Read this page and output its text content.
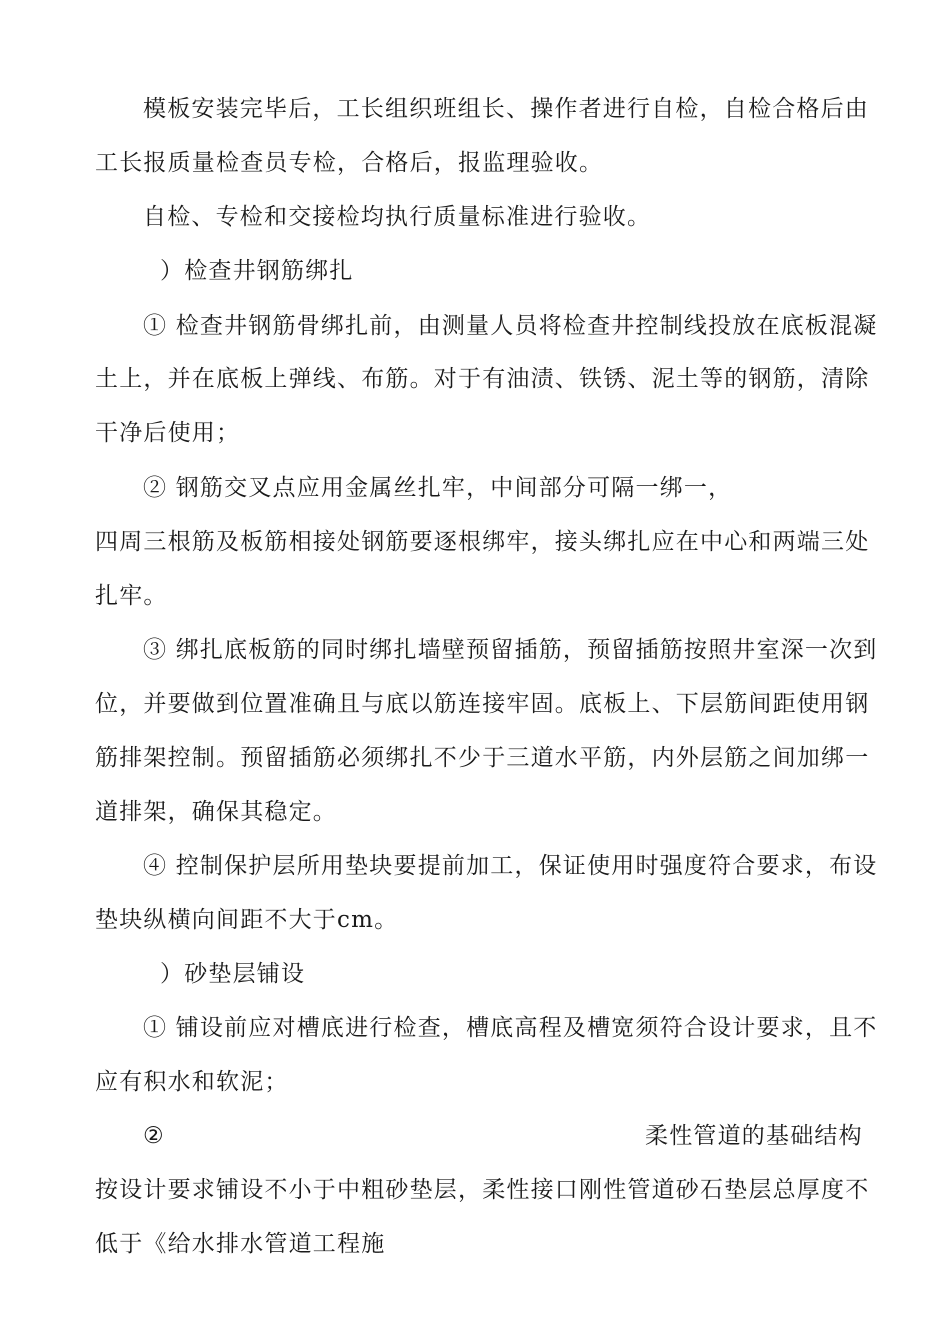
模板安装完毕后，工长组织班组长、操作者进行自检，自检合格后由
工长报质量检查员专检，合格后，报监理验收。
自检、专检和交接检均执行质量标准进行验收。
）检查井钢筋绑扎
① 检查井钢筋骨绑扎前，由测量人员将检查井控制线投放在底板混凝
土上，并在底板上弹线、布筋。对于有油渍、铁锈、泥土等的钢筋，清除
干净后使用；
② 钢筋交叉点应用金属丝扎牢，中间部分可隔一绑一，
四周三根筋及板筋相接处钢筋要逐根绑牢，接头绑扎应在中心和两端三处
扎牢。
③ 绑扎底板筋的同时绑扎墙壁预留插筋，预留插筋按照井室深一次到
位，并要做到位置准确且与底以筋连接牢固。底板上、下层筋间距使用钢
筋排架控制。预留插筋必须绑扎不少于三道水平筋，内外层筋之间加绑一
道排架，确保其稳定。
④ 控制保护层所用垫块要提前加工，保证使用时强度符合要求，布设
垫块纵横向间距不大于cm。
）砂垫层铺设
① 铺设前应对槽底进行检查，槽底高程及槽宽须符合设计要求，且不
应有积水和软泥；
②	柔性管道的基础结构
按设计要求铺设不小于中粗砂垫层，柔性接口刚性管道砂石垫层总厚度不
低于《给水排水管道工程施
